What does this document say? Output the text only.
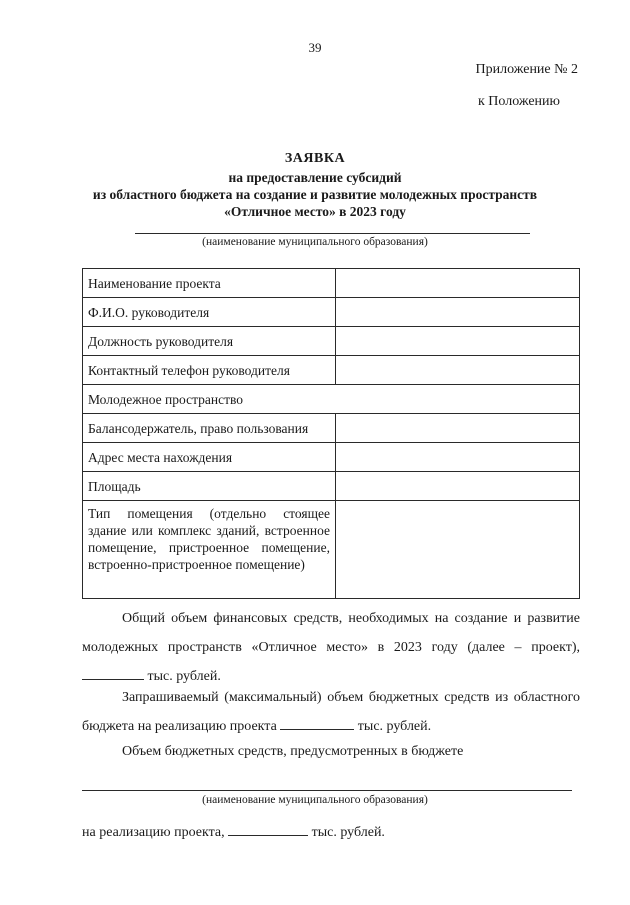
39
Приложение № 2
к Положению
ЗАЯВКА
на предоставление субсидий
из областного бюджета на создание и развитие молодежных пространств
«Отличное место» в 2023 году
(наименование муниципального образования)
Наименование проекта	
Ф.И.О. руководителя	
Должность руководителя	
Контактный телефон руководителя	
Молодежное пространство	
Балансодержатель, право пользования	
Адрес места нахождения	
Площадь	
Тип помещения (отдельно стоящее здание или комплекс зданий, встроенное помещение, пристроенное помещение, встроенно-пристроенное помещение)	
Общий объем финансовых средств, необходимых на создание и развитие молодежных пространств «Отличное место» в 2023 году (далее – проект),  тыс. рублей.
Запрашиваемый (максимальный) объем бюджетных средств из областного бюджета на реализацию проекта	тыс. рублей.
Объем бюджетных средств, предусмотренных в бюджете
(наименование муниципального образования)
на реализацию проекта,	тыс. рублей.
